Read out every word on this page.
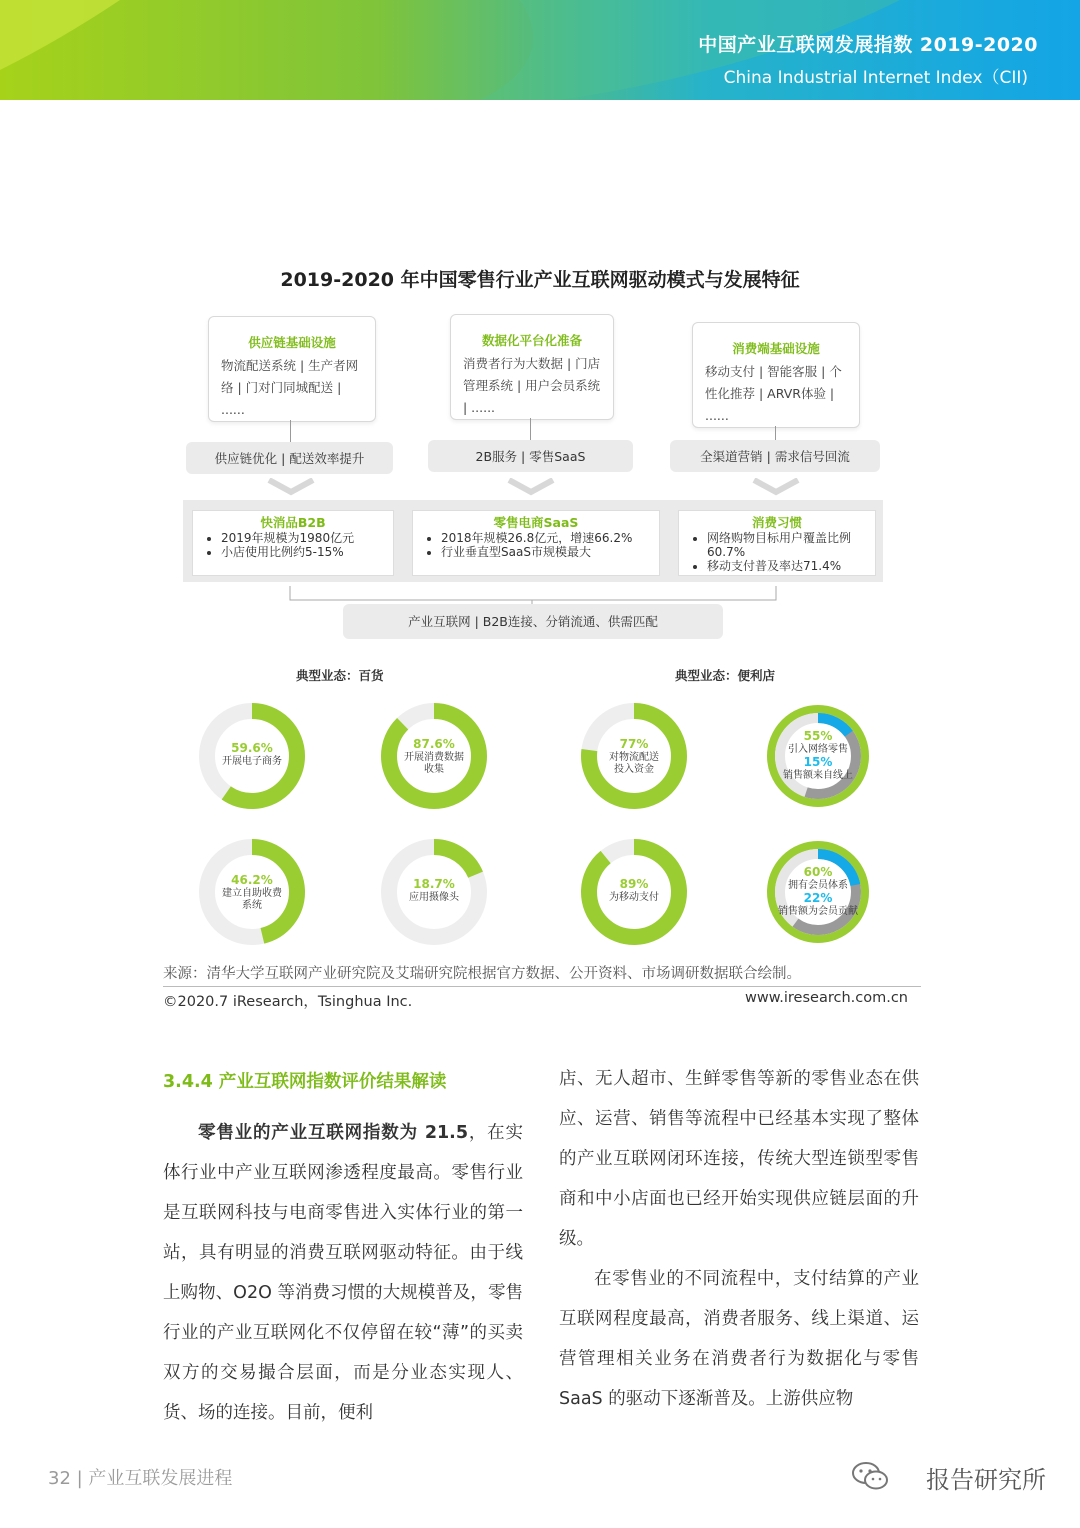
中国产业互联网发展指数 2019-2020
China Industrial Internet Index（CII)
2019-2020 年中国零售行业产业互联网驱动模式与发展特征
供应链基础设施
物流配送系统 | 生产者网络 | 门对门同城配送 | ......
数据化平台化准备
消费者行为大数据 | 门店管理系统 | 用户会员系统 | ......
消费端基础设施
移动支付 | 智能客服 | 个性化推荐 | ARVR体验 | ......
供应链优化 | 配送效率提升	2B服务 | 零售SaaS	全渠道营销 | 需求信号回流
快消品B2B
• 2019年规模为1980亿元
• 小店使用比例约5-15%
零售电商SaaS
• 2018年规模26.8亿元，增速66.2%
• 行业垂直型SaaS市规模最大
消费习惯
• 网络购物目标用户覆盖比例60.7%
• 移动支付普及率达71.4%
产业互联网 | B2B连接、分销流通、供需匹配
典型业态：百货	典型业态：便利店
59.6%
开展电子商务
87.6%
开展消费数据收集
77%
对物流配送投入资金
55%
引入网络零售
15%
销售额来自线上
46.2%
建立自助收费系统
18.7%
应用摄像头
89%
为移动支付
60%
拥有会员体系
22%
销售额为会员贡献
来源：清华大学互联网产业研究院及艾瑞研究院根据官方数据、公开资料、市场调研数据联合绘制。
©2020.7 iResearch，Tsinghua Inc.	www.iresearch.com.cn
3.4.4 产业互联网指数评价结果解读

零售业的产业互联网指数为 21.5，在实体行业中产业互联网渗透程度最高。零售行业是互联网科技与电商零售进入实体行业的第一站，具有明显的消费互联网驱动特征。由于线上购物、O2O 等消费习惯的大规模普及，零售行业的产业互联网化不仅停留在较“薄”的买卖双方的交易撮合层面，而是分业态实现人、货、场的连接。目前，便利

店、无人超市、生鲜零售等新的零售业态在供应、运营、销售等流程中已经基本实现了整体的产业互联网闭环连接，传统大型连锁型零售商和中小店面也已经开始实现供应链层面的升级。

在零售业的不同流程中，支付结算的产业互联网程度最高，消费者服务、线上渠道、运营管理相关业务在消费者行为数据化与零售 SaaS 的驱动下逐渐普及。上游供应物

32 | 产业互联发展进程	报告研究所
